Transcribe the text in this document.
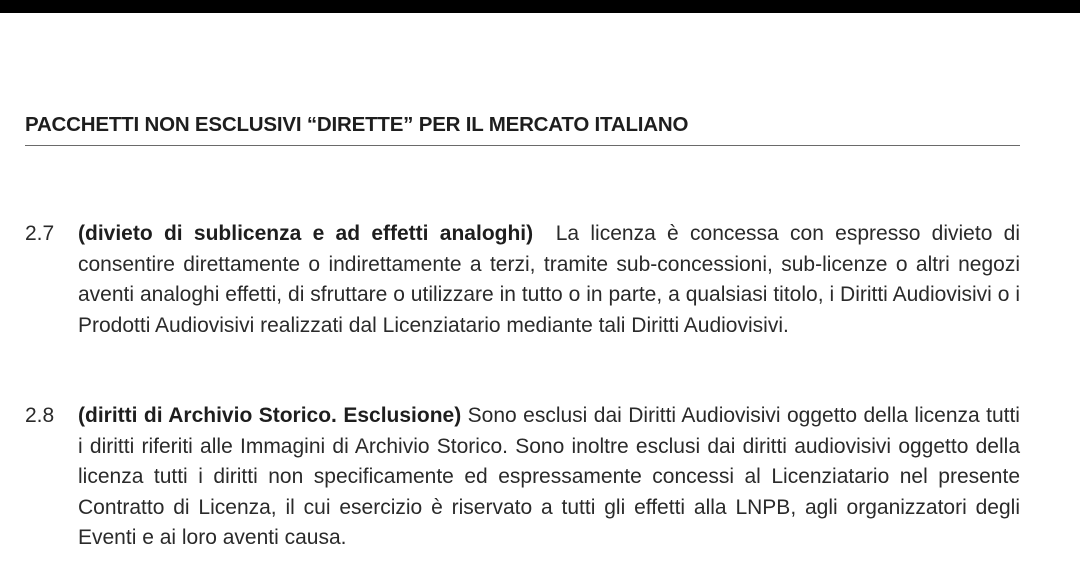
PACCHETTI NON ESCLUSIVI “DIRETTE” PER IL MERCATO ITALIANO
2.7 (divieto di sublicenza e ad effetti analoghi) La licenza è concessa con espresso divieto di consentire direttamente o indirettamente a terzi, tramite sub-concessioni, sub-licenze o altri negozi aventi analoghi effetti, di sfruttare o utilizzare in tutto o in parte, a qualsiasi titolo, i Diritti Audiovisivi o i Prodotti Audiovisivi realizzati dal Licenziatario mediante tali Diritti Audiovisivi.
2.8 (diritti di Archivio Storico. Esclusione) Sono esclusi dai Diritti Audiovisivi oggetto della licenza tutti i diritti riferiti alle Immagini di Archivio Storico. Sono inoltre esclusi dai diritti audiovisivi oggetto della licenza tutti i diritti non specificamente ed espressamente concessi al Licenziatario nel presente Contratto di Licenza, il cui esercizio è riservato a tutti gli effetti alla LNPB, agli organizzatori degli Eventi e ai loro aventi causa.
